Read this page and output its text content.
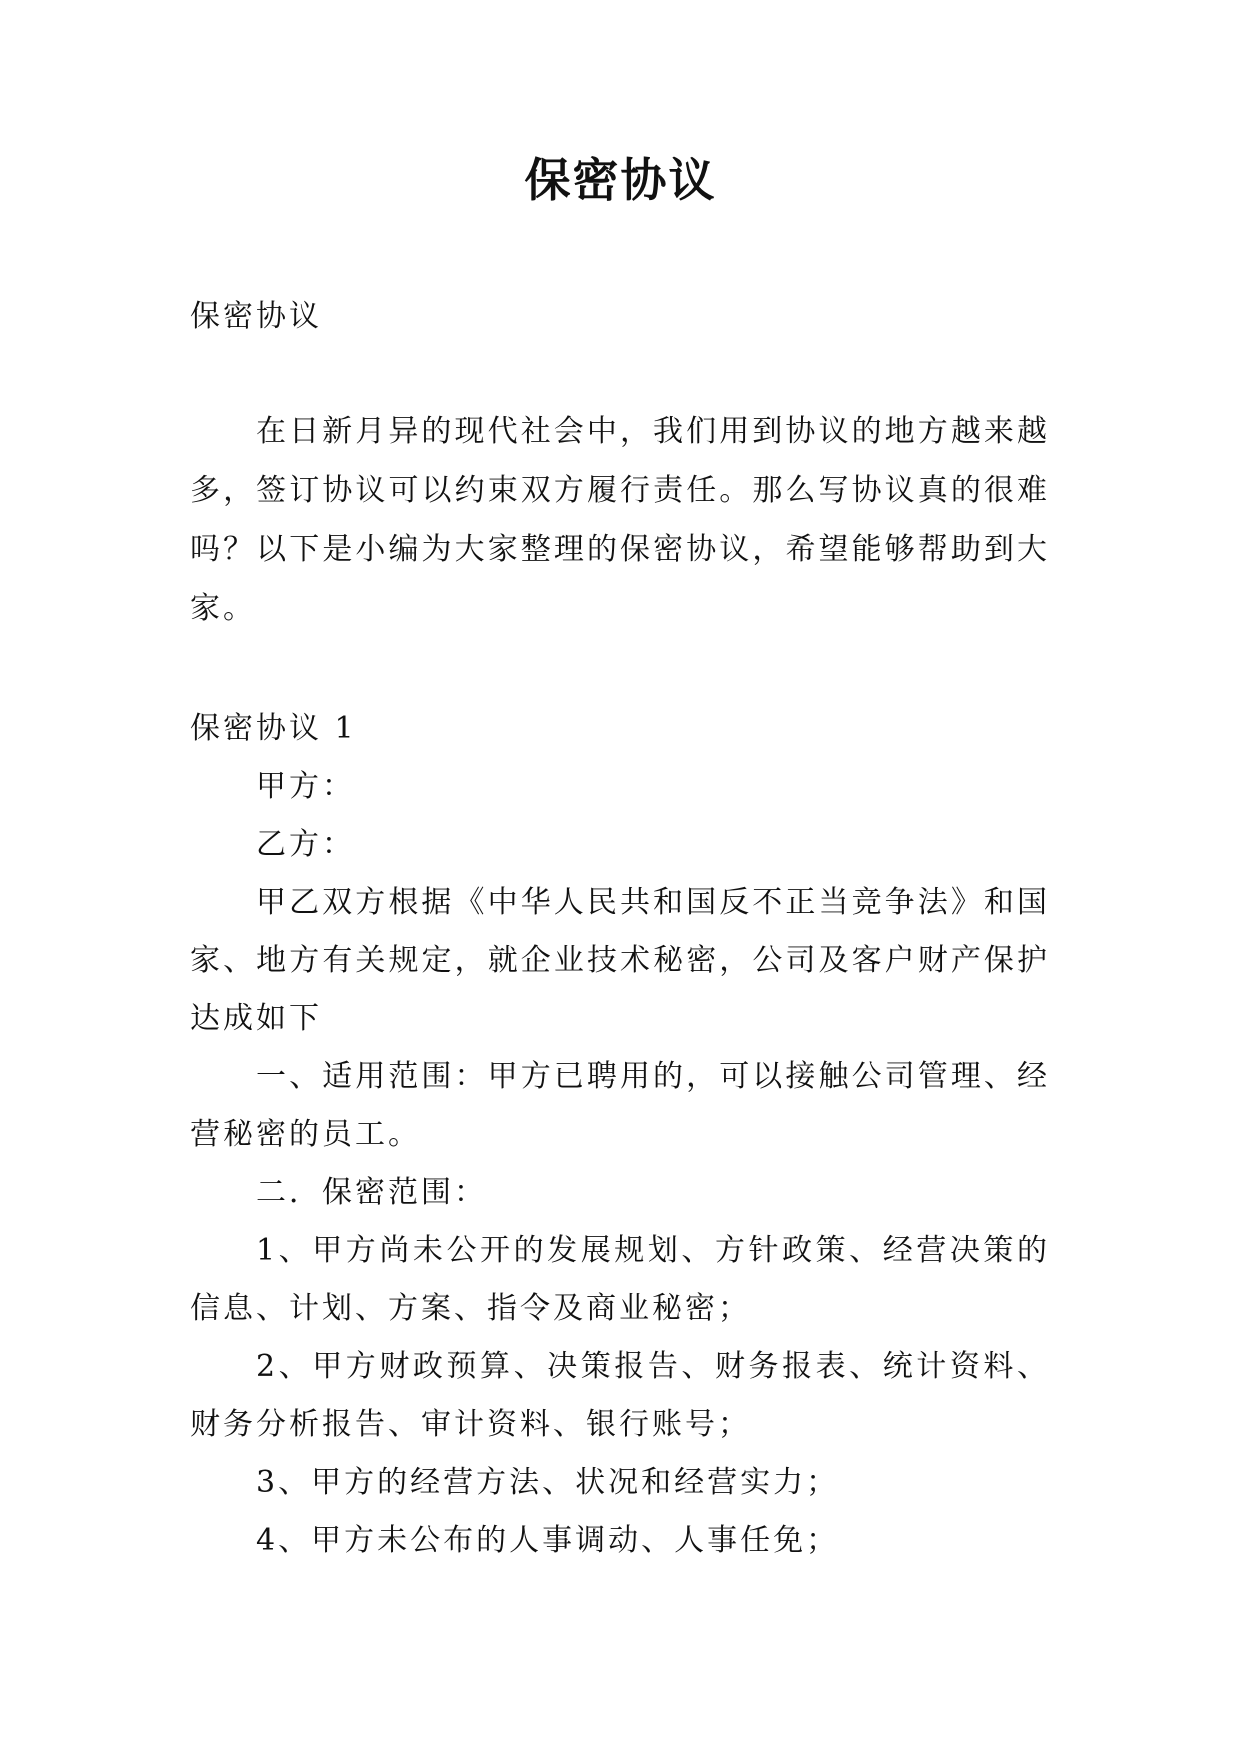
保密协议

保密协议

在日新月异的现代社会中，我们用到协议的地方越来越多，签订协议可以约束双方履行责任。那么写协议真的很难吗？以下是小编为大家整理的保密协议，希望能够帮助到大家。

保密协议 1

甲方：

乙方：

甲乙双方根据《中华人民共和国反不正当竞争法》和国家、地方有关规定，就企业技术秘密，公司及客户财产保护达成如下

一、适用范围：甲方已聘用的，可以接触公司管理、经营秘密的员工。

二．保密范围：

1、甲方尚未公开的发展规划、方针政策、经营决策的信息、计划、方案、指令及商业秘密；

2、甲方财政预算、决策报告、财务报表、统计资料、财务分析报告、审计资料、银行账号；

3、甲方的经营方法、状况和经营实力；

4、甲方未公布的人事调动、人事任免；
